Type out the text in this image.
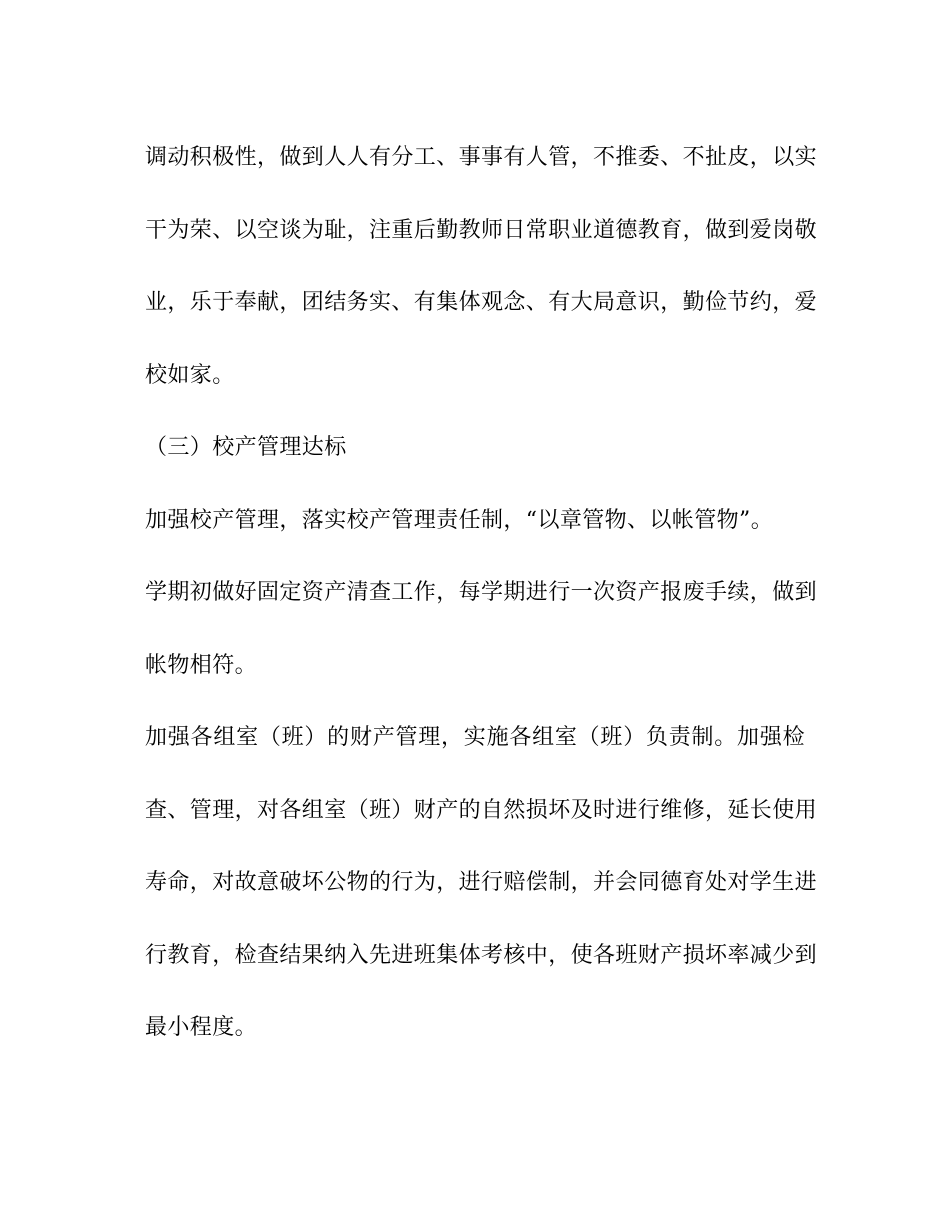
调动积极性，做到人人有分工、事事有人管，不推委、不扯皮，以实
干为荣、以空谈为耻，注重后勤教师日常职业道德教育，做到爱岗敬
业，乐于奉献，团结务实、有集体观念、有大局意识，勤俭节约，爱
校如家。
（三）校产管理达标
加强校产管理，落实校产管理责任制，“以章管物、以帐管物”。
学期初做好固定资产清查工作，每学期进行一次资产报废手续，做到
帐物相符。
加强各组室（班）的财产管理，实施各组室（班）负责制。加强检
查、管理，对各组室（班）财产的自然损坏及时进行维修，延长使用
寿命，对故意破坏公物的行为，进行赔偿制，并会同德育处对学生进
行教育，检查结果纳入先进班集体考核中，使各班财产损坏率减少到
最小程度。
